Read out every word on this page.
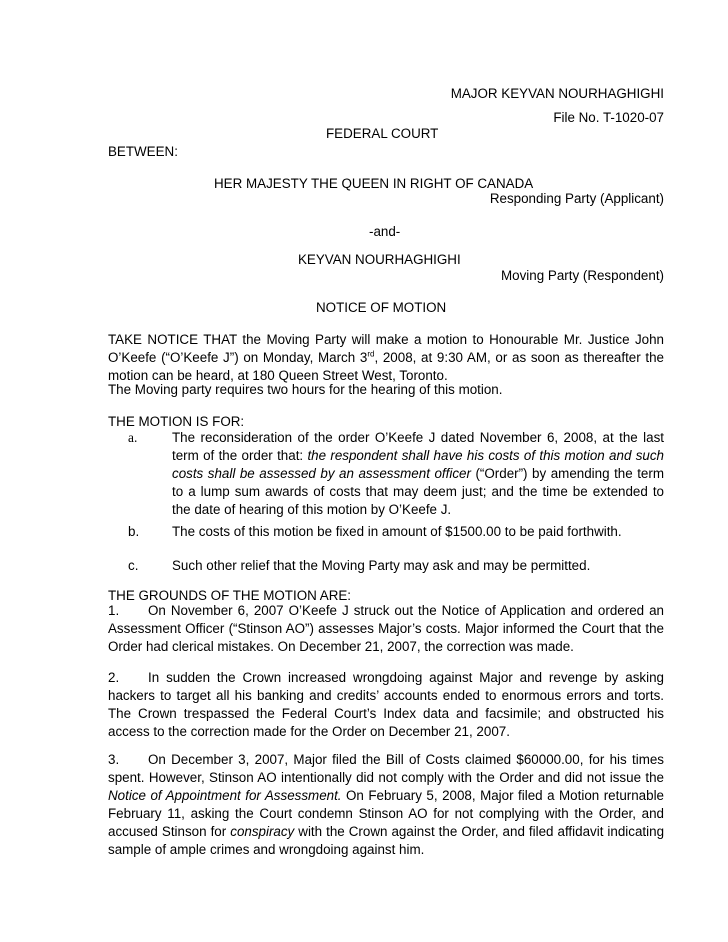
MAJOR KEYVAN NOURHAGHIGHI
File No. T-1020-07
FEDERAL COURT
BETWEEN:
HER MAJESTY THE QUEEN IN RIGHT OF CANADA
Responding Party (Applicant)
-and-
KEYVAN NOURHAGHIGHI
Moving Party (Respondent)
NOTICE OF MOTION
TAKE NOTICE THAT the Moving Party will make a motion to Honourable Mr. Justice John O’Keefe (“O’Keefe J”) on Monday, March 3rd, 2008, at 9:30 AM, or as soon as thereafter the motion can be heard, at 180 Queen Street West, Toronto.
The Moving party requires two hours for the hearing of this motion.
THE MOTION IS FOR:
a.	The reconsideration of the order O’Keefe J dated November 6, 2008, at the last term of the order that: the respondent shall have his costs of this motion and such costs shall be assessed by an assessment officer (“Order”) by amending the term to a lump sum awards of costs that may deem just; and the time be extended to the date of hearing of this motion by O’Keefe J.
b. The costs of this motion be fixed in amount of $1500.00 to be paid forthwith.
c.	Such other relief that the Moving Party may ask and may be permitted.
THE GROUNDS OF THE MOTION ARE:
1. On November 6, 2007 O’Keefe J struck out the Notice of Application and ordered an Assessment Officer (“Stinson AO”) assesses Major’s costs. Major informed the Court that the Order had clerical mistakes. On December 21, 2007, the correction was made.
2. In sudden the Crown increased wrongdoing against Major and revenge by asking hackers to target all his banking and credits’ accounts ended to enormous errors and torts. The Crown trespassed the Federal Court’s Index data and facsimile; and obstructed his access to the correction made for the Order on December 21, 2007.
3. On December 3, 2007, Major filed the Bill of Costs claimed $60000.00, for his times spent. However, Stinson AO intentionally did not comply with the Order and did not issue the Notice of Appointment for Assessment. On February 5, 2008, Major filed a Motion returnable February 11, asking the Court condemn Stinson AO for not complying with the Order, and accused Stinson for conspiracy with the Crown against the Order, and filed affidavit indicating sample of ample crimes and wrongdoing against him.
